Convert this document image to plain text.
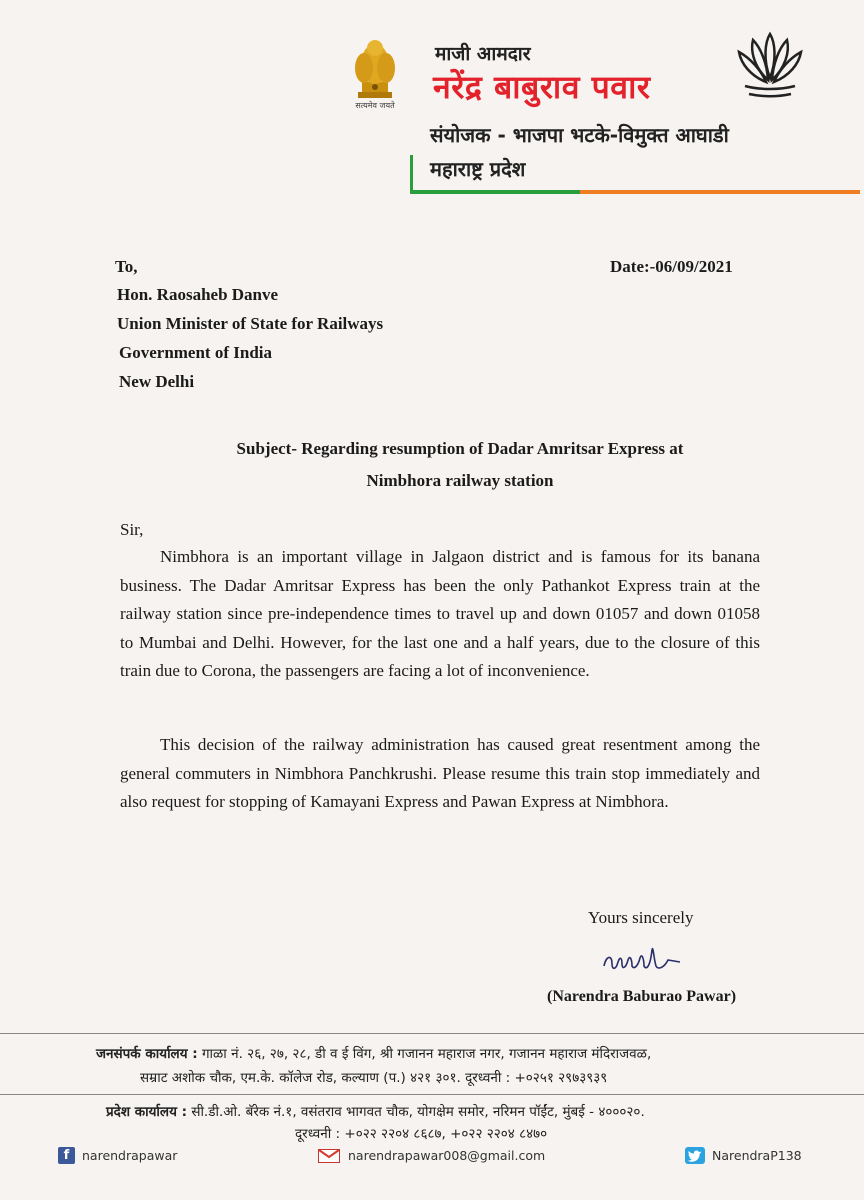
सत्यमेव जयते
माजी आमदार
नरेंद्र बाबुराव पवार
संयोजक - भाजपा भटके-विमुक्त आघाडी
महाराष्ट्र प्रदेश
To,	Date:-06/09/2021
Hon. Raosaheb Danve
Union Minister of State for Railways
Government of India
New Delhi
Subject- Regarding resumption of Dadar Amritsar Express at
Nimbhora railway station
Sir,

Nimbhora is an important village in Jalgaon district and is famous for its banana business. The Dadar Amritsar Express has been the only Pathankot Express train at the railway station since pre-independence times to travel up and down 01057 and down 01058 to Mumbai and Delhi. However, for the last one and a half years, due to the closure of this train due to Corona, the passengers are facing a lot of inconvenience.

This decision of the railway administration has caused great resentment among the general commuters in Nimbhora Panchkrushi. Please resume this train stop immediately and also request for stopping of Kamayani Express and Pawan Express at Nimbhora.

Yours sincerely
(Narendra Baburao Pawar)
जनसंपर्क कार्यालय : गाळा नं. २६, २७, २८, डी व ई विंग, श्री गजानन महाराज नगर, गजानन महाराज मंदिराजवळ,
सम्राट अशोक चौक, एम.के. कॉलेज रोड, कल्याण (प.) ४२१ ३०१. दूरध्वनी : +०२५१ २९७३९३९
प्रदेश कार्यालय : सी.डी.ओ. बॅरेक नं.१, वसंतराव भागवत चौक, योगक्षेम समोर, नरिमन पॉईंट, मुंबई - ४०००२०.
दूरध्वनी : +०२२ २२०४ ८६८७, +०२२ २२०४ ८४७०
f	narendrapawar	narendrapawar008@gmail.com	NarendraP138
